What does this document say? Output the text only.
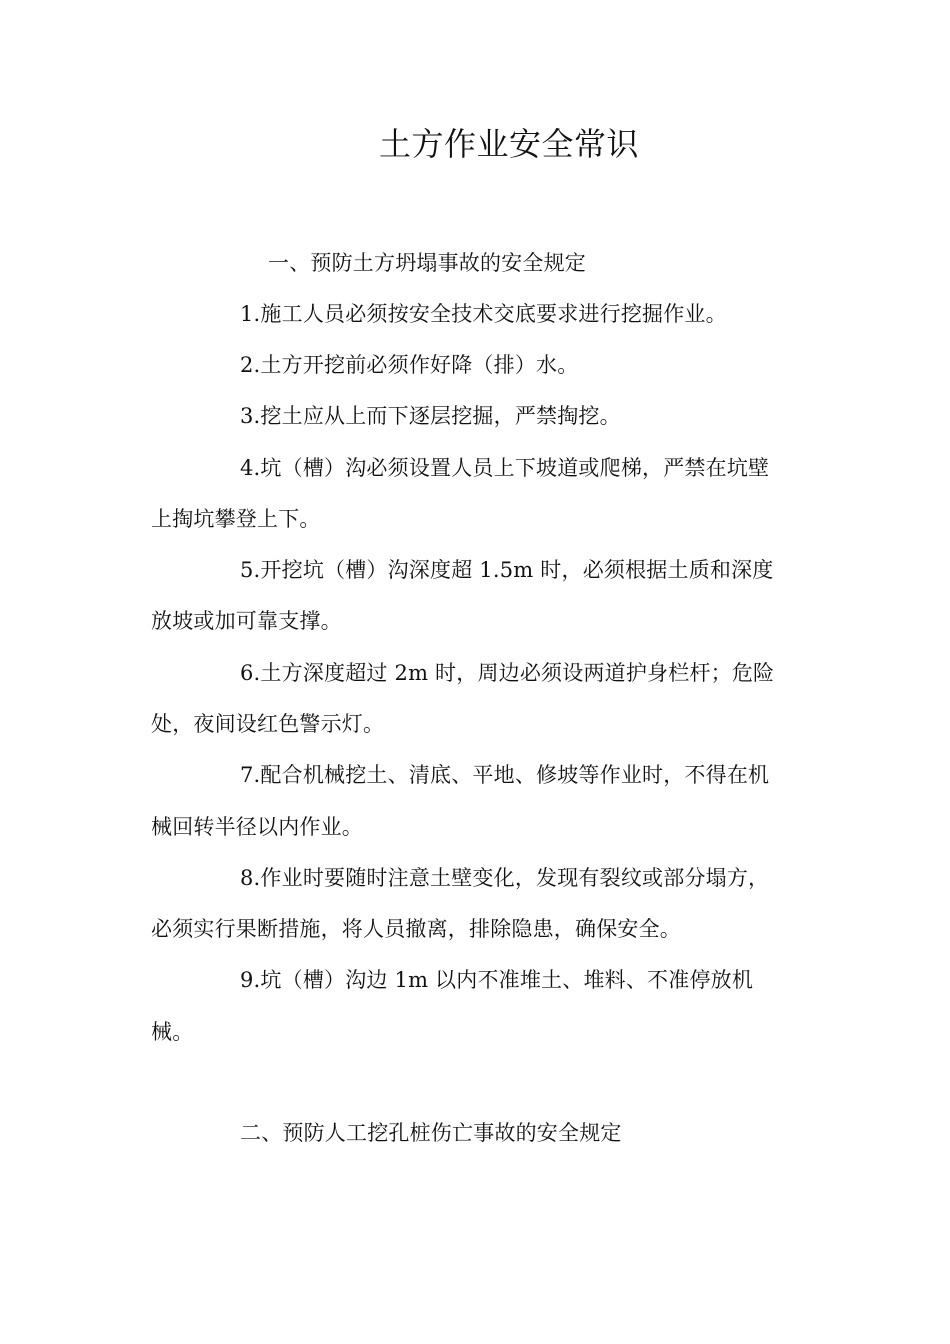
土方作业安全常识
一、预防土方坍塌事故的安全规定
1.施工人员必须按安全技术交底要求进行挖掘作业。
2.土方开挖前必须作好降（排）水。
3.挖土应从上而下逐层挖掘，严禁掏挖。
4.坑（槽）沟必须设置人员上下坡道或爬梯，严禁在坑壁
上掏坑攀登上下。
5.开挖坑（槽）沟深度超 1.5m 时，必须根据土质和深度
放坡或加可靠支撑。
6.土方深度超过 2m 时，周边必须设两道护身栏杆；危险
处，夜间设红色警示灯。
7.配合机械挖土、清底、平地、修坡等作业时，不得在机
械回转半径以内作业。
8.作业时要随时注意土壁变化，发现有裂纹或部分塌方，
必须实行果断措施，将人员撤离，排除隐患，确保安全。
9.坑（槽）沟边 1m 以内不准堆土、堆料、不准停放机
械。
二、预防人工挖孔桩伤亡事故的安全规定
